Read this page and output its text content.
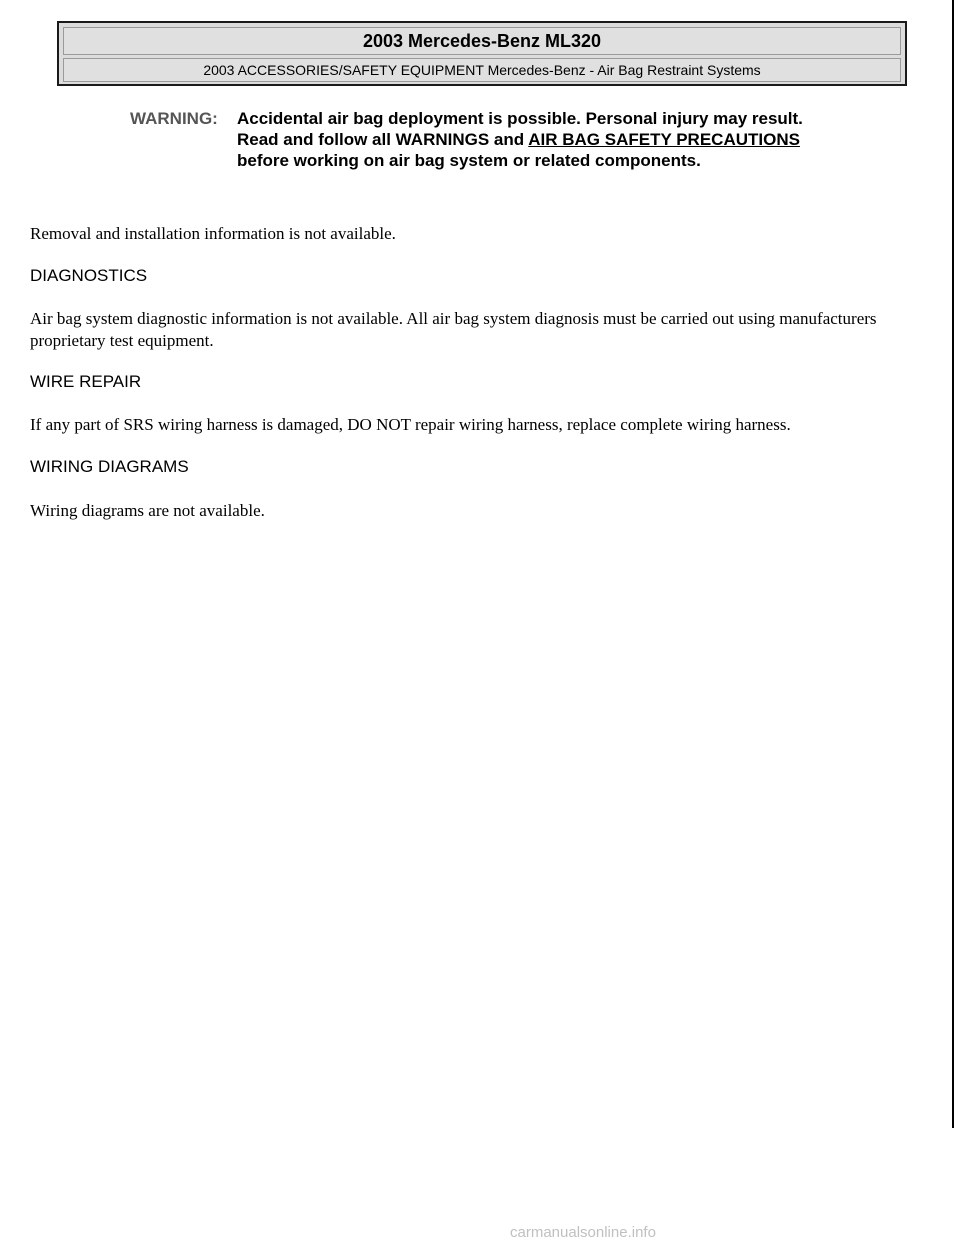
2003 Mercedes-Benz ML320
2003 ACCESSORIES/SAFETY EQUIPMENT Mercedes-Benz - Air Bag Restraint Systems
WARNING: Accidental air bag deployment is possible. Personal injury may result.
Read and follow all WARNINGS and AIR BAG SAFETY PRECAUTIONS
before working on air bag system or related components.

Removal and installation information is not available.

DIAGNOSTICS

Air bag system diagnostic information is not available. All air bag system diagnosis must be carried out using manufacturers proprietary test equipment.

WIRE REPAIR

If any part of SRS wiring harness is damaged, DO NOT repair wiring harness, replace complete wiring harness.

WIRING DIAGRAMS

Wiring diagrams are not available.

carmanualsonline.info
